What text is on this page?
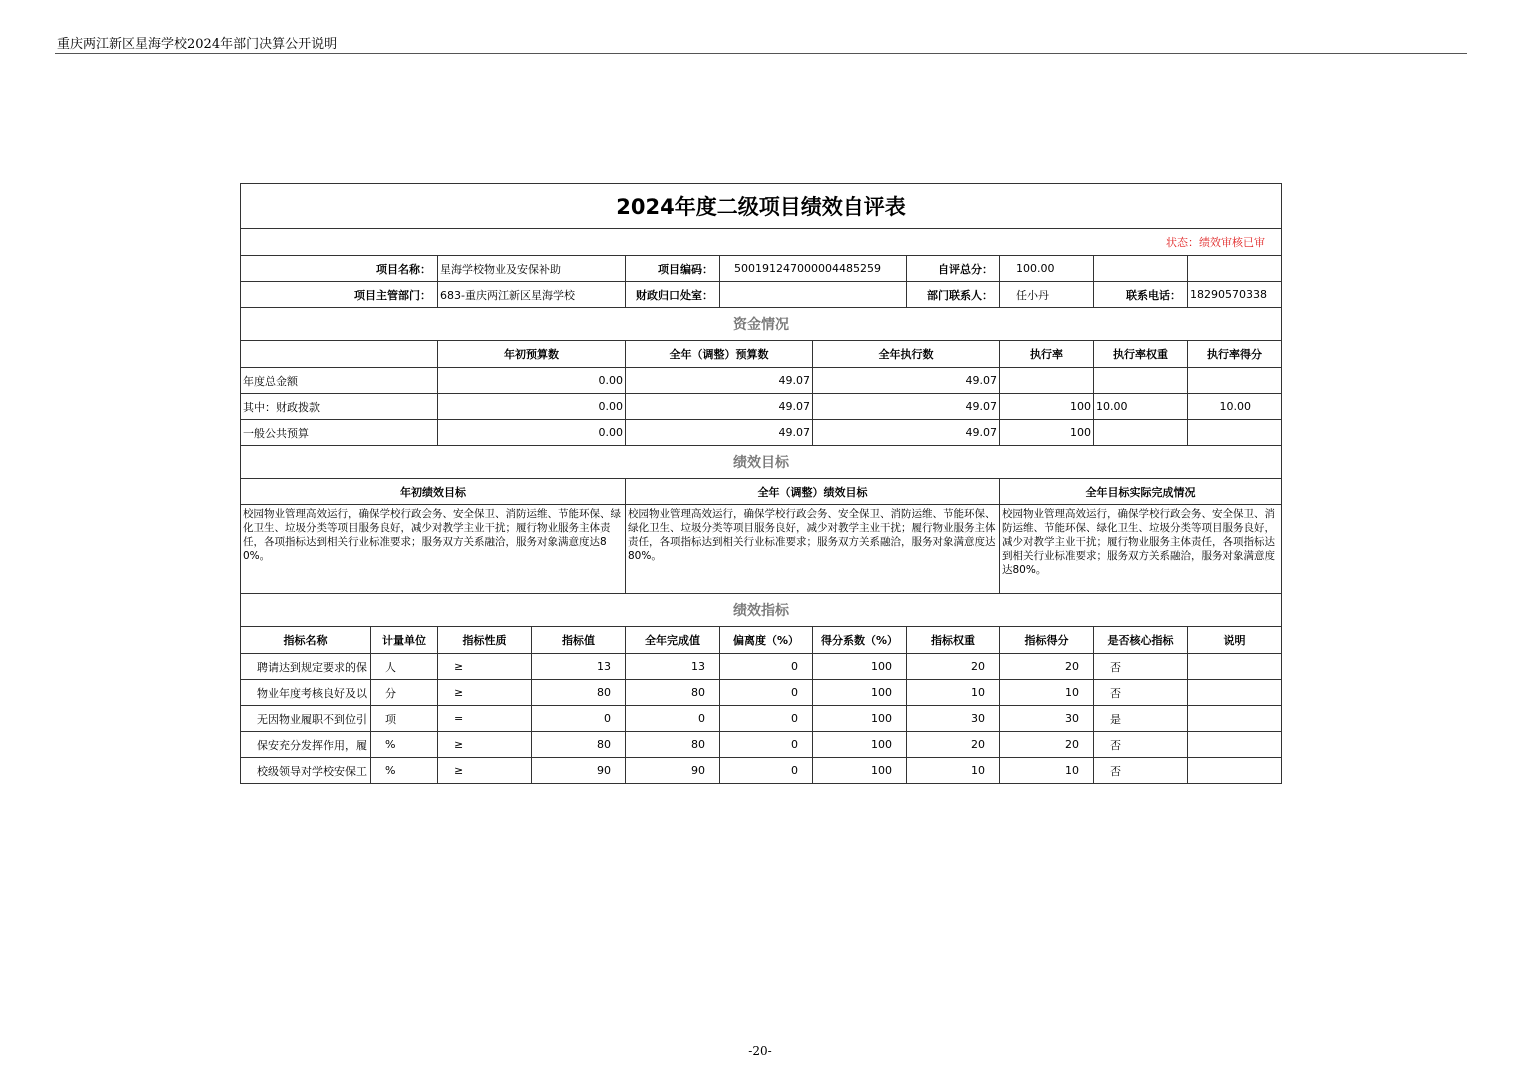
重庆两江新区星海学校2024年部门决算公开说明
2024年度二级项目绩效自评表										
状态：绩效审核已审										
项目名称：		星海学校物业及安保补助		项目编码：	500191247000004485259		自评总分：	100.00		
项目主管部门：		683-重庆两江新区星海学校		财政归口处室：			部门联系人：	任小丹	联系电话：	18290570338
资金情况										
		年初预算数		全年（调整）预算数		全年执行数		执行率	执行率权重	执行率得分
年度总金额		0.00		49.07		49.07				
其中：财政拨款		0.00		49.07		49.07		100	10.00	10.00
一般公共预算		0.00		49.07		49.07		100		
绩效目标										
年初绩效目标				全年（调整）绩效目标				全年目标实际完成情况		
校园物业管理高效运行，确保学校行政会务、安全保卫、消防运维、节能环保、绿化卫生、垃圾分类等项目服务良好，减少对教学主业干扰；履行物业服务主体责任，各项指标达到相关行业标准要求；服务双方关系融洽，服务对象满意度达80%。				校园物业管理高效运行，确保学校行政会务、安全保卫、消防运维、节能环保、绿化卫生、垃圾分类等项目服务良好，减少对教学主业干扰；履行物业服务主体责任，各项指标达到相关行业标准要求；服务双方关系融洽，服务对象满意度达80%。				校园物业管理高效运行，确保学校行政会务、安全保卫、消防运维、节能环保、绿化卫生、垃圾分类等项目服务良好，减少对教学主业干扰；履行物业服务主体责任，各项指标达到相关行业标准要求；服务双方关系融洽，服务对象满意度达80%。		
绩效指标										
指标名称	计量单位	指标性质	指标值	全年完成值	偏离度（%）	得分系数（%）	指标权重	指标得分	是否核心指标	说明
聘请达到规定要求的保	人	≥	13	13	0	100	20	20	否	
物业年度考核良好及以	分	≥	80	80	0	100	10	10	否	
无因物业履职不到位引	项	=	0	0	0	100	30	30	是	
保安充分发挥作用，履	%	≥	80	80	0	100	20	20	否	
校级领导对学校安保工	%	≥	90	90	0	100	10	10	否	
-20-
